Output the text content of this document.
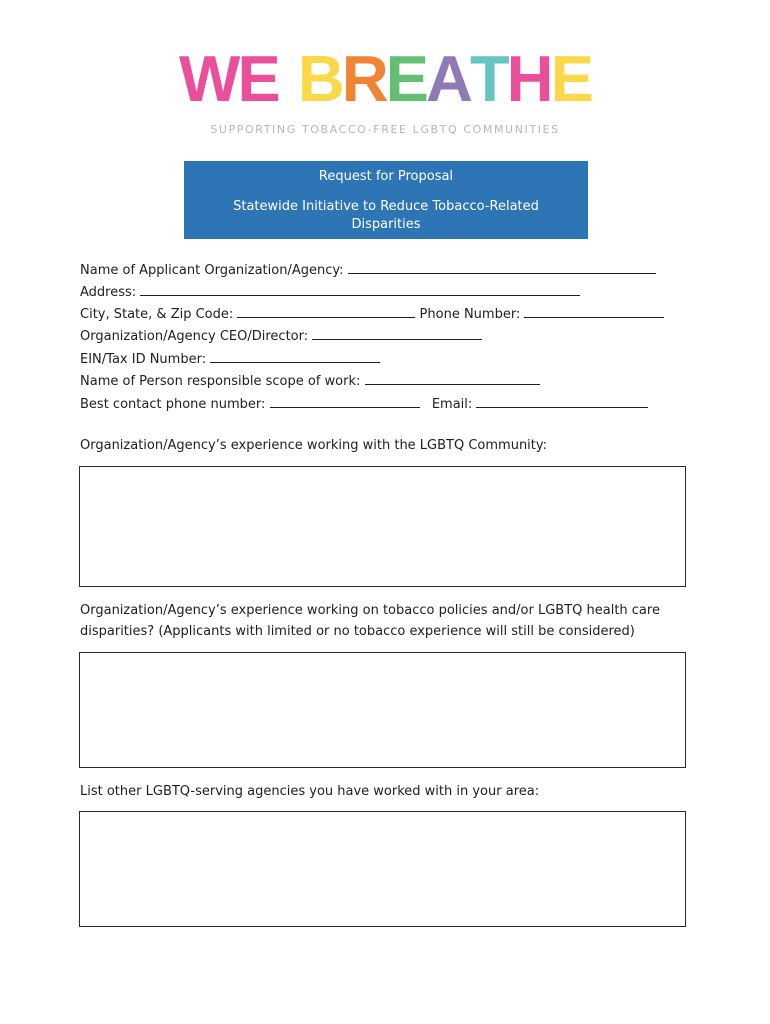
WE BREATHE
SUPPORTING TOBACCO-FREE LGBTQ COMMUNITIES
Request for Proposal
Statewide Initiative to Reduce Tobacco-Related Disparities
Name of Applicant Organization/Agency:
Address:
City, State, & Zip Code:	Phone Number:
Organization/Agency CEO/Director:
EIN/Tax ID Number:
Name of Person responsible scope of work:
Best contact phone number:	Email:
Organization/Agency’s experience working with the LGBTQ Community:
Organization/Agency’s experience working on tobacco policies and/or LGBTQ health care
disparities? (Applicants with limited or no tobacco experience will still be considered)
List other LGBTQ-serving agencies you have worked with in your area:
